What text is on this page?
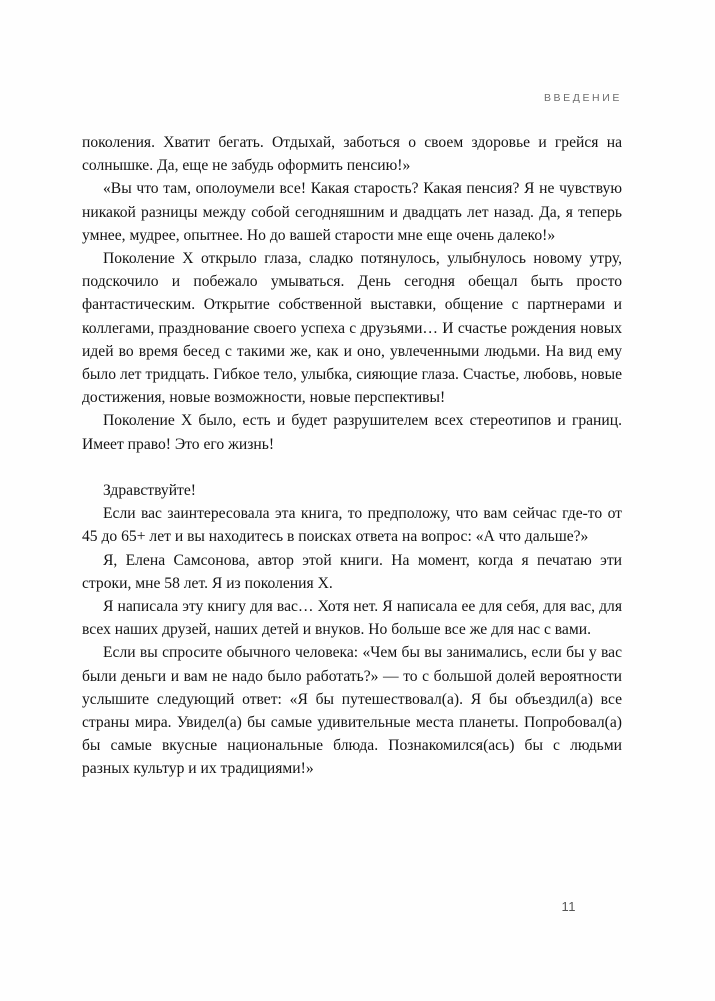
ВВЕДЕНИЕ

поколения. Хватит бегать. Отдыхай, заботься о своем здоровье и грейся на солнышке. Да, еще не забудь оформить пенсию!»

«Вы что там, ополоумели все! Какая старость? Какая пенсия? Я не чувствую никакой разницы между собой сегодняшним и двадцать лет назад. Да, я теперь умнее, мудрее, опытнее. Но до вашей старости мне еще очень далеко!»

Поколение Х открыло глаза, сладко потянулось, улыбнулось новому утру, подскочило и побежало умываться. День сегодня обещал быть просто фантастическим. Открытие собственной выставки, общение с партнерами и коллегами, празднование своего успеха с друзьями… И счастье рождения новых идей во время бесед с такими же, как и оно, увлеченными людьми. На вид ему было лет тридцать. Гибкое тело, улыбка, сияющие глаза. Счастье, любовь, новые достижения, новые возможности, новые перспективы!

Поколение Х было, есть и будет разрушителем всех стереотипов и границ. Имеет право! Это его жизнь!

Здравствуйте!

Если вас заинтересовала эта книга, то предположу, что вам сейчас где-то от 45 до 65+ лет и вы находитесь в поисках ответа на вопрос: «А что дальше?»

Я, Елена Самсонова, автор этой книги. На момент, когда я печатаю эти строки, мне 58 лет. Я из поколения Х.

Я написала эту книгу для вас… Хотя нет. Я написала ее для себя, для вас, для всех наших друзей, наших детей и внуков. Но больше все же для нас с вами.

Если вы спросите обычного человека: «Чем бы вы занимались, если бы у вас были деньги и вам не надо было работать?» — то с большой долей вероятности услышите следующий ответ: «Я бы путешествовал(а). Я бы объездил(а) все страны мира. Увидел(а) бы самые удивительные места планеты. Попробовал(а) бы самые вкусные национальные блюда. Познакомился(ась) бы с людьми разных культур и их традициями!»

11
